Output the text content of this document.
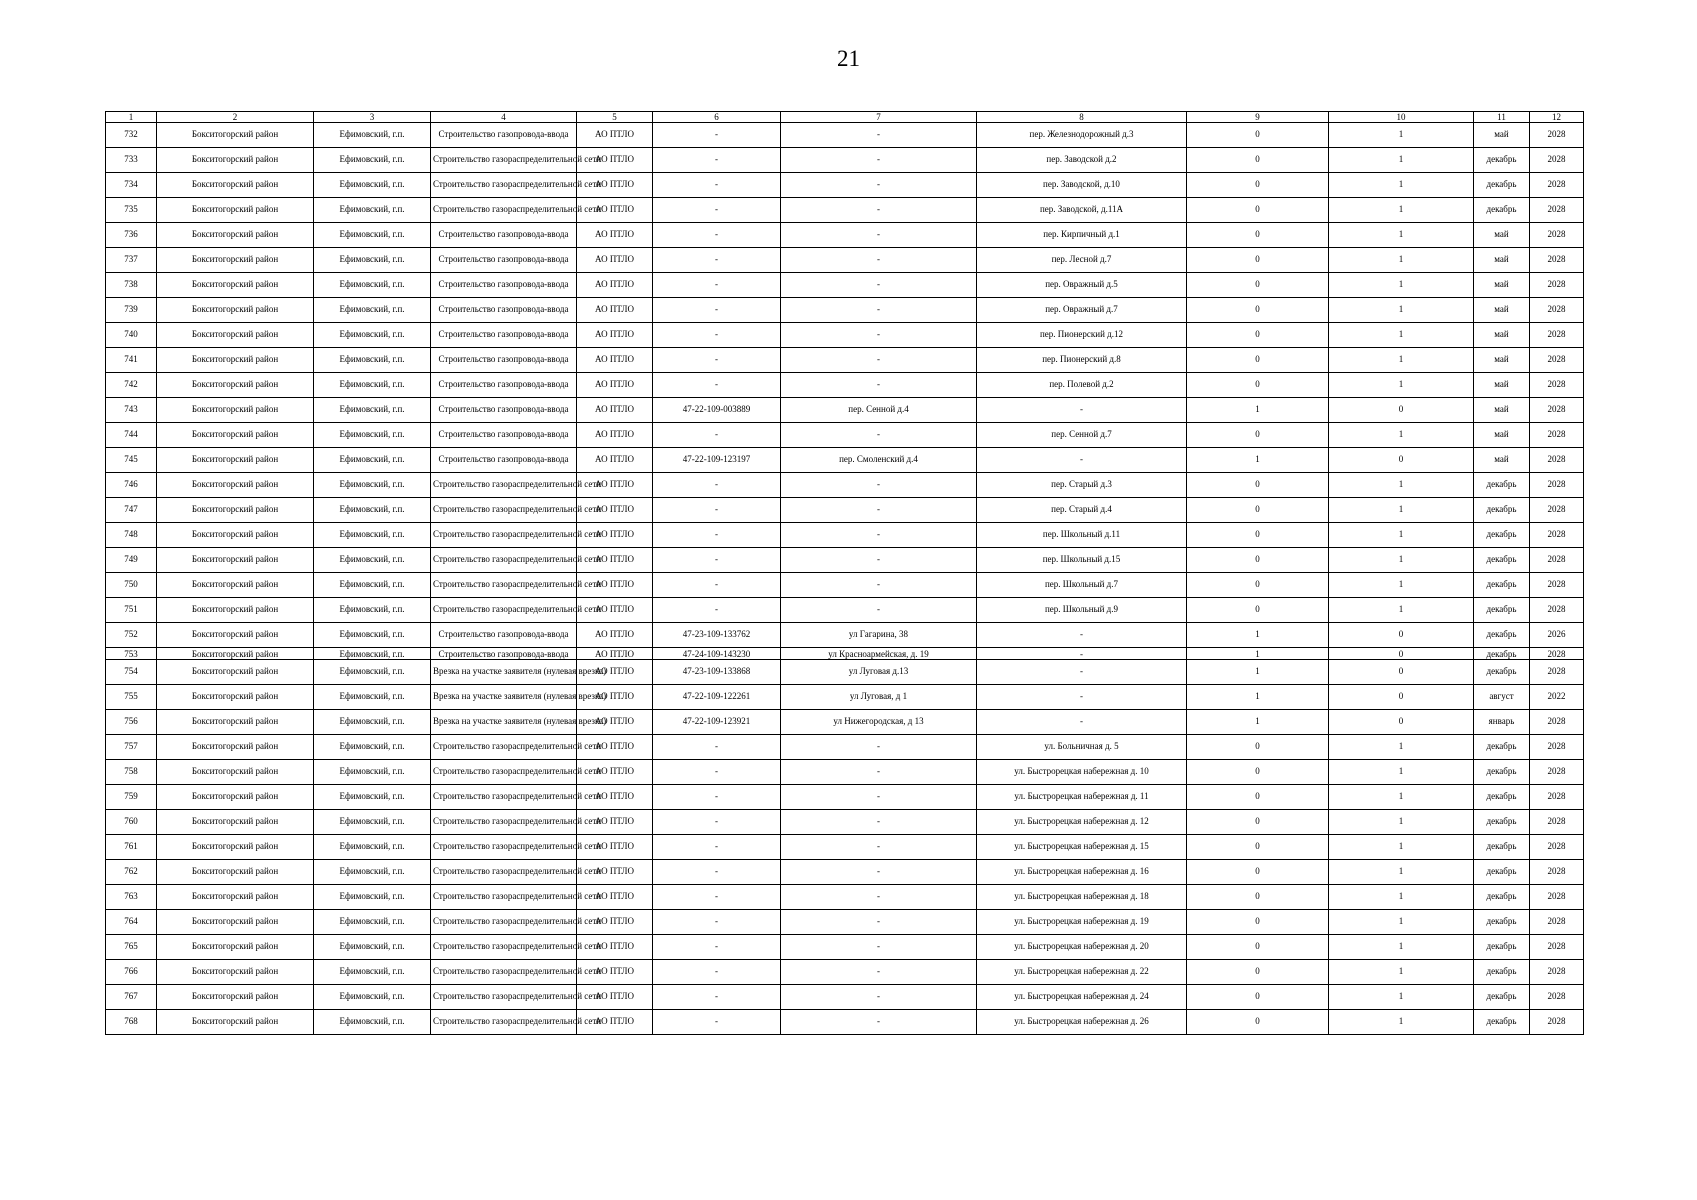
21
1	2	3	4	5	6	7	8	9	10	11	12
732	Бокситогорский район	Ефимовский, г.п.	Строительство газопровода-ввода	АО ПТЛО	-	-	пер. Железнодорожный д.3	0	1	май	2028
733	Бокситогорский район	Ефимовский, г.п.	Строительство газораспределительной сети	АО ПТЛО	-	-	пер. Заводской д.2	0	1	декабрь	2028
734	Бокситогорский район	Ефимовский, г.п.	Строительство газораспределительной сети	АО ПТЛО	-	-	пер. Заводской, д.10	0	1	декабрь	2028
735	Бокситогорский район	Ефимовский, г.п.	Строительство газораспределительной сети	АО ПТЛО	-	-	пер. Заводской, д.11А	0	1	декабрь	2028
736	Бокситогорский район	Ефимовский, г.п.	Строительство газопровода-ввода	АО ПТЛО	-	-	пер. Кирпичный д.1	0	1	май	2028
737	Бокситогорский район	Ефимовский, г.п.	Строительство газопровода-ввода	АО ПТЛО	-	-	пер. Лесной д.7	0	1	май	2028
738	Бокситогорский район	Ефимовский, г.п.	Строительство газопровода-ввода	АО ПТЛО	-	-	пер. Овражный д.5	0	1	май	2028
739	Бокситогорский район	Ефимовский, г.п.	Строительство газопровода-ввода	АО ПТЛО	-	-	пер. Овражный д.7	0	1	май	2028
740	Бокситогорский район	Ефимовский, г.п.	Строительство газопровода-ввода	АО ПТЛО	-	-	пер. Пионерский д.12	0	1	май	2028
741	Бокситогорский район	Ефимовский, г.п.	Строительство газопровода-ввода	АО ПТЛО	-	-	пер. Пионерский д.8	0	1	май	2028
742	Бокситогорский район	Ефимовский, г.п.	Строительство газопровода-ввода	АО ПТЛО	-	-	пер. Полевой д.2	0	1	май	2028
743	Бокситогорский район	Ефимовский, г.п.	Строительство газопровода-ввода	АО ПТЛО	47-22-109-003889	пер. Сенной д.4	-	1	0	май	2028
744	Бокситогорский район	Ефимовский, г.п.	Строительство газопровода-ввода	АО ПТЛО	-	-	пер. Сенной д.7	0	1	май	2028
745	Бокситогорский район	Ефимовский, г.п.	Строительство газопровода-ввода	АО ПТЛО	47-22-109-123197	пер. Смоленский д.4	-	1	0	май	2028
746	Бокситогорский район	Ефимовский, г.п.	Строительство газораспределительной сети	АО ПТЛО	-	-	пер. Старый д.3	0	1	декабрь	2028
747	Бокситогорский район	Ефимовский, г.п.	Строительство газораспределительной сети	АО ПТЛО	-	-	пер. Старый д.4	0	1	декабрь	2028
748	Бокситогорский район	Ефимовский, г.п.	Строительство газораспределительной сети	АО ПТЛО	-	-	пер. Школьный д.11	0	1	декабрь	2028
749	Бокситогорский район	Ефимовский, г.п.	Строительство газораспределительной сети	АО ПТЛО	-	-	пер. Школьный д.15	0	1	декабрь	2028
750	Бокситогорский район	Ефимовский, г.п.	Строительство газораспределительной сети	АО ПТЛО	-	-	пер. Школьный д.7	0	1	декабрь	2028
751	Бокситогорский район	Ефимовский, г.п.	Строительство газораспределительной сети	АО ПТЛО	-	-	пер. Школьный д.9	0	1	декабрь	2028
752	Бокситогорский район	Ефимовский, г.п.	Строительство газопровода-ввода	АО ПТЛО	47-23-109-133762	ул Гагарина, 38	-	1	0	декабрь	2026
753	Бокситогорский район	Ефимовский, г.п.	Строительство газопровода-ввода	АО ПТЛО	47-24-109-143230	ул Красноармейская, д. 19	-	1	0	декабрь	2028
754	Бокситогорский район	Ефимовский, г.п.	Врезка на участке заявителя (нулевая врезка)	АО ПТЛО	47-23-109-133868	ул Луговая д.13	-	1	0	декабрь	2028
755	Бокситогорский район	Ефимовский, г.п.	Врезка на участке заявителя (нулевая врезка)	АО ПТЛО	47-22-109-122261	ул Луговая, д 1	-	1	0	август	2022
756	Бокситогорский район	Ефимовский, г.п.	Врезка на участке заявителя (нулевая врезка)	АО ПТЛО	47-22-109-123921	ул Нижегородская, д 13	-	1	0	январь	2028
757	Бокситогорский район	Ефимовский, г.п.	Строительство газораспределительной сети	АО ПТЛО	-	-	ул. Больничная д. 5	0	1	декабрь	2028
758	Бокситогорский район	Ефимовский, г.п.	Строительство газораспределительной сети	АО ПТЛО	-	-	ул. Быстрорецкая набережная д. 10	0	1	декабрь	2028
759	Бокситогорский район	Ефимовский, г.п.	Строительство газораспределительной сети	АО ПТЛО	-	-	ул. Быстрорецкая набережная д. 11	0	1	декабрь	2028
760	Бокситогорский район	Ефимовский, г.п.	Строительство газораспределительной сети	АО ПТЛО	-	-	ул. Быстрорецкая набережная д. 12	0	1	декабрь	2028
761	Бокситогорский район	Ефимовский, г.п.	Строительство газораспределительной сети	АО ПТЛО	-	-	ул. Быстрорецкая набережная д. 15	0	1	декабрь	2028
762	Бокситогорский район	Ефимовский, г.п.	Строительство газораспределительной сети	АО ПТЛО	-	-	ул. Быстрорецкая набережная д. 16	0	1	декабрь	2028
763	Бокситогорский район	Ефимовский, г.п.	Строительство газораспределительной сети	АО ПТЛО	-	-	ул. Быстрорецкая набережная д. 18	0	1	декабрь	2028
764	Бокситогорский район	Ефимовский, г.п.	Строительство газораспределительной сети	АО ПТЛО	-	-	ул. Быстрорецкая набережная д. 19	0	1	декабрь	2028
765	Бокситогорский район	Ефимовский, г.п.	Строительство газораспределительной сети	АО ПТЛО	-	-	ул. Быстрорецкая набережная д. 20	0	1	декабрь	2028
766	Бокситогорский район	Ефимовский, г.п.	Строительство газораспределительной сети	АО ПТЛО	-	-	ул. Быстрорецкая набережная д. 22	0	1	декабрь	2028
767	Бокситогорский район	Ефимовский, г.п.	Строительство газораспределительной сети	АО ПТЛО	-	-	ул. Быстрорецкая набережная д. 24	0	1	декабрь	2028
768	Бокситогорский район	Ефимовский, г.п.	Строительство газораспределительной сети	АО ПТЛО	-	-	ул. Быстрорецкая набережная д. 26	0	1	декабрь	2028
